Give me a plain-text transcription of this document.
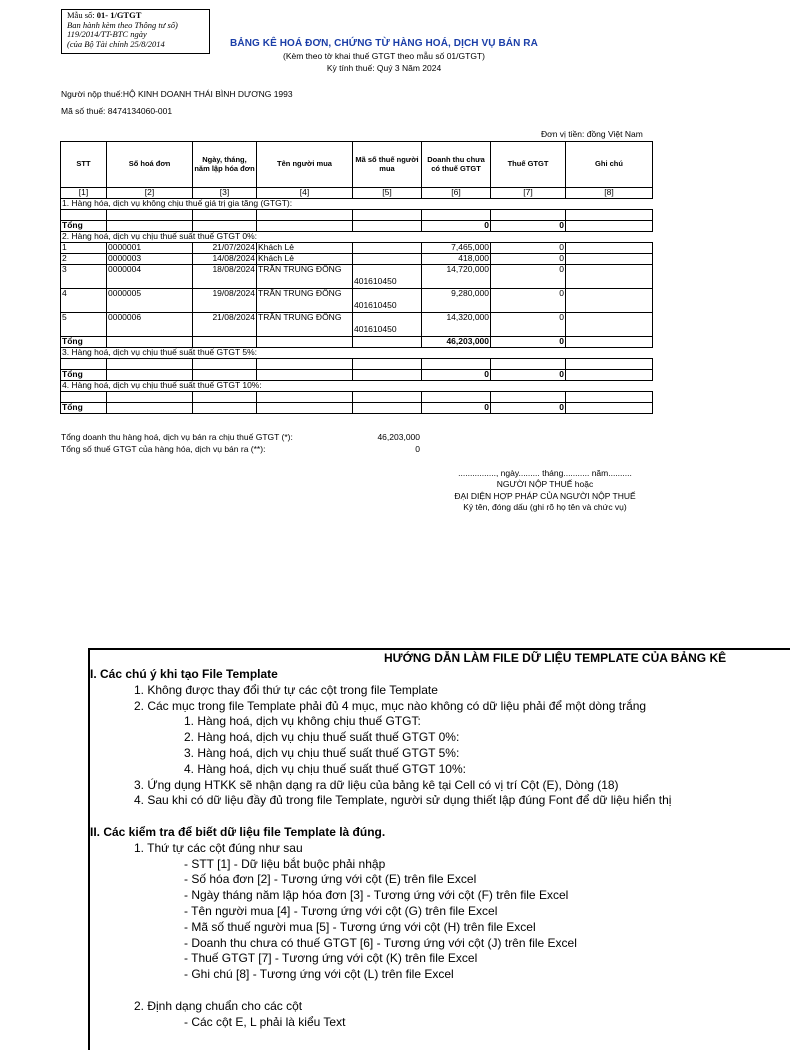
Mẫu số: 01- 1/GTGT
Ban hành kèm theo Thông tư số)
119/2014/TT-BTC ngày
(của Bộ Tài chính 25/8/2014	BẢNG KÊ HOÁ ĐƠN, CHỨNG TỪ HÀNG HOÁ, DỊCH VỤ BÁN RA
(Kèm theo tờ khai thuế GTGT theo mẫu số 01/GTGT)
Kỳ tính thuế: Quý 3 Năm 2024
Người nộp thuế:HỘ KINH DOANH THÁI BÌNH DƯƠNG 1993
Mã số thuế: 8474134060-001
Đơn vị tiền: đồng Việt Nam
STT	Số hoá đơn	Ngày, tháng, năm lập hóa đơn	Tên người mua	Mã số thuế người mua	Doanh thu chưa có thuế GTGT	Thuế GTGT	Ghi chú
[1]	[2]	[3]	[4]	[5]	[6]	[7]	[8]
1. Hàng hóa, dịch vụ không chịu thuế giá trị gia tăng (GTGT):							

Tổng					0	0	
2. Hàng hoá, dịch vụ chịu thuế suất thuế GTGT 0%:							
1	0000001	21/07/2024	Khách Lẻ		7,465,000	0	
2	0000003	14/08/2024	Khách Lẻ		418,000	0	
3	0000004	18/08/2024	TRẦN TRUNG ĐÔNG	401610450	14,720,000	0	
4	0000005	19/08/2024	TRẦN TRUNG ĐÔNG	401610450	9,280,000	0	
5	0000006	21/08/2024	TRẦN TRUNG ĐÔNG	401610450	14,320,000	0	
Tổng					46,203,000	0	
3. Hàng hoá, dịch vụ chịu thuế suất thuế GTGT 5%:							

Tổng					0	0	
4. Hàng hoá, dịch vụ chịu thuế suất thuế GTGT 10%:							

Tổng					0	0	
Tổng doanh thu hàng hoá, dịch vụ bán ra chịu thuế GTGT (*):	46,203,000
Tổng số thuế GTGT của hàng hóa, dịch vụ bán ra (**):	0
................, ngày......... tháng........... năm..........
NGƯỜI NỘP THUẾ hoặc
ĐẠI DIỆN HỢP PHÁP CỦA NGƯỜI NỘP THUẾ
Ký tên, đóng dấu (ghi rõ họ tên và chức vụ)
HƯỚNG DẪN LÀM FILE DỮ LIỆU TEMPLATE CỦA BẢNG KÊ
I. Các chú ý khi tạo File Template
1. Không được thay đổi thứ tự các cột trong file Template
2. Các mục trong file Template phải đủ 4 mục, mục nào không có dữ liệu phải để một dòng trắng
1. Hàng hoá, dịch vụ không chịu thuế GTGT:
2. Hàng hoá, dịch vụ chịu thuế suất thuế GTGT 0%:
3. Hàng hoá, dịch vụ chịu thuế suất thuế GTGT 5%:
4. Hàng hoá, dịch vụ chịu thuế suất thuế GTGT 10%:
3. Ứng dụng HTKK sẽ nhận dạng ra dữ liệu của bảng kê tại Cell có vị trí Cột (E), Dòng (18)
4. Sau khi có dữ liệu đầy đủ trong file Template, người sử dụng thiết lập đúng Font để dữ liệu hiển thị
II. Các kiểm tra để biết dữ liệu file Template là đúng.
1. Thứ tự các cột đúng như sau
- STT [1] - Dữ liệu bắt buộc phải nhập
- Số hóa đơn [2] - Tương ứng với cột (E) trên file Excel
- Ngày tháng năm lập hóa đơn [3] - Tương ứng với cột (F) trên file Excel
- Tên người mua [4] - Tương ứng với cột (G) trên file Excel
- Mã số thuế người mua [5] - Tương ứng với cột (H) trên file Excel
- Doanh thu chưa có thuế GTGT [6] - Tương ứng với cột (J) trên file Excel
- Thuế GTGT [7] - Tương ứng với cột (K) trên file Excel
- Ghi chú [8] - Tương ứng với cột (L) trên file Excel
2. Định dạng chuẩn cho các cột
- Các cột E, L phải là kiểu Text
